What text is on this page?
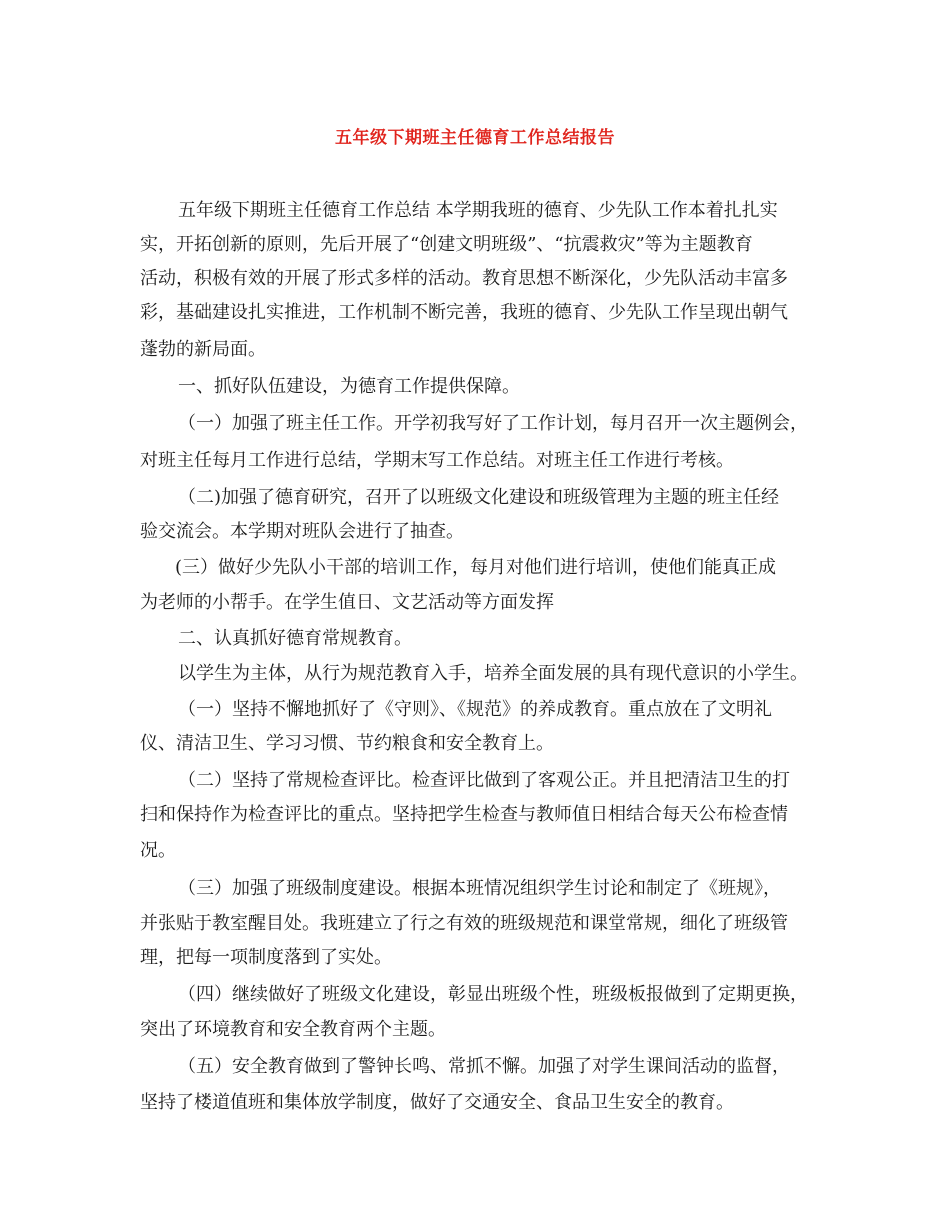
五年级下期班主任德育工作总结报告
五年级下期班主任德育工作总结 本学期我班的德育、少先队工作本着扎扎实
实，开拓创新的原则，先后开展了“创建文明班级”、“抗震救灾”等为主题教育
活动，积极有效的开展了形式多样的活动。教育思想不断深化，少先队活动丰富多
彩，基础建设扎实推进，工作机制不断完善，我班的德育、少先队工作呈现出朝气
蓬勃的新局面。
一、抓好队伍建设，为德育工作提供保障。
（一）加强了班主任工作。开学初我写好了工作计划，每月召开一次主题例会，
对班主任每月工作进行总结，学期末写工作总结。对班主任工作进行考核。
（二)加强了德育研究，召开了以班级文化建设和班级管理为主题的班主任经
验交流会。本学期对班队会进行了抽查。
(三）做好少先队小干部的培训工作，每月对他们进行培训，使他们能真正成
为老师的小帮手。在学生值日、文艺活动等方面发挥
二、认真抓好德育常规教育。
以学生为主体，从行为规范教育入手，培养全面发展的具有现代意识的小学生。
（一）坚持不懈地抓好了《守则》、《规范》的养成教育。重点放在了文明礼
仪、清洁卫生、学习习惯、节约粮食和安全教育上。
（二）坚持了常规检查评比。检查评比做到了客观公正。并且把清洁卫生的打
扫和保持作为检查评比的重点。坚持把学生检查与教师值日相结合每天公布检查情
况。
（三）加强了班级制度建设。根据本班情况组织学生讨论和制定了《班规》，
并张贴于教室醒目处。我班建立了行之有效的班级规范和课堂常规，细化了班级管
理，把每一项制度落到了实处。
（四）继续做好了班级文化建设，彰显出班级个性，班级板报做到了定期更换，
突出了环境教育和安全教育两个主题。
（五）安全教育做到了警钟长鸣、常抓不懈。加强了对学生课间活动的监督，
坚持了楼道值班和集体放学制度，做好了交通安全、食品卫生安全的教育。
